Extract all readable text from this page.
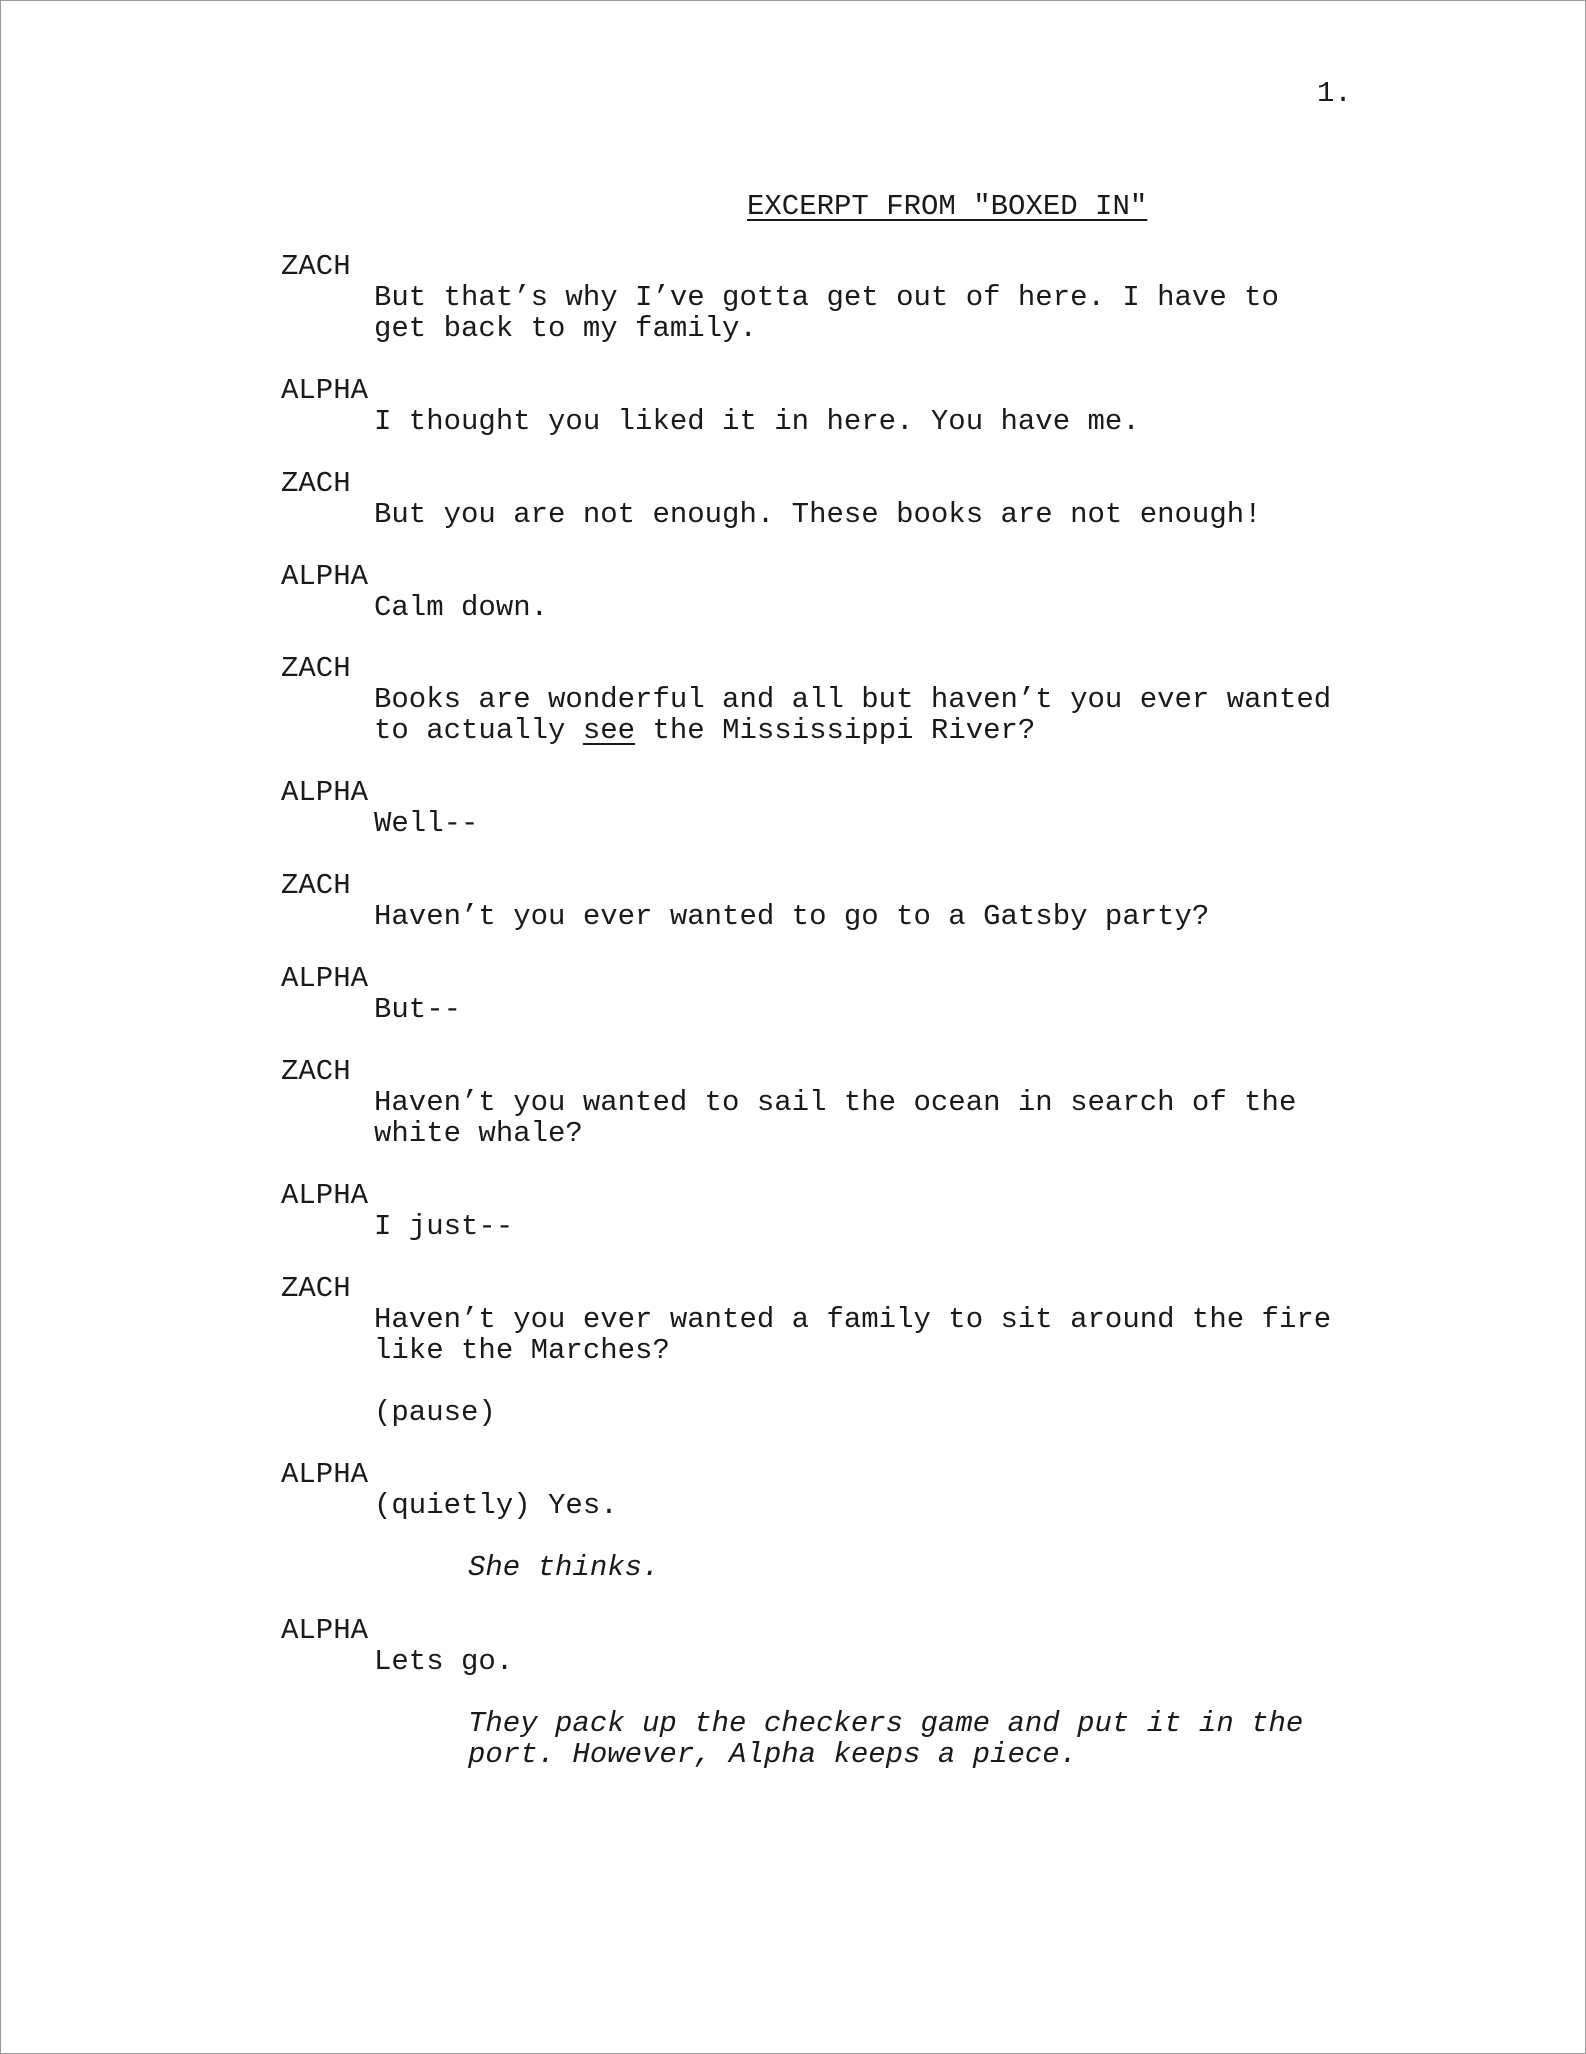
1.
EXCERPT FROM "BOXED IN"
ZACH
But that’s why I’ve gotta get out of here. I have to
get back to my family.
ALPHA
I thought you liked it in here. You have me.
ZACH
But you are not enough. These books are not enough!
ALPHA
Calm down.
ZACH
Books are wonderful and all but haven’t you ever wanted
to actually see the Mississippi River?
ALPHA
Well--
ZACH
Haven’t you ever wanted to go to a Gatsby party?
ALPHA
But--
ZACH
Haven’t you wanted to sail the ocean in search of the
white whale?
ALPHA
I just--
ZACH
Haven’t you ever wanted a family to sit around the fire
like the Marches?
(pause)
ALPHA
(quietly) Yes.
She thinks.
ALPHA
Lets go.
They pack up the checkers game and put it in the
port. However, Alpha keeps a piece.
